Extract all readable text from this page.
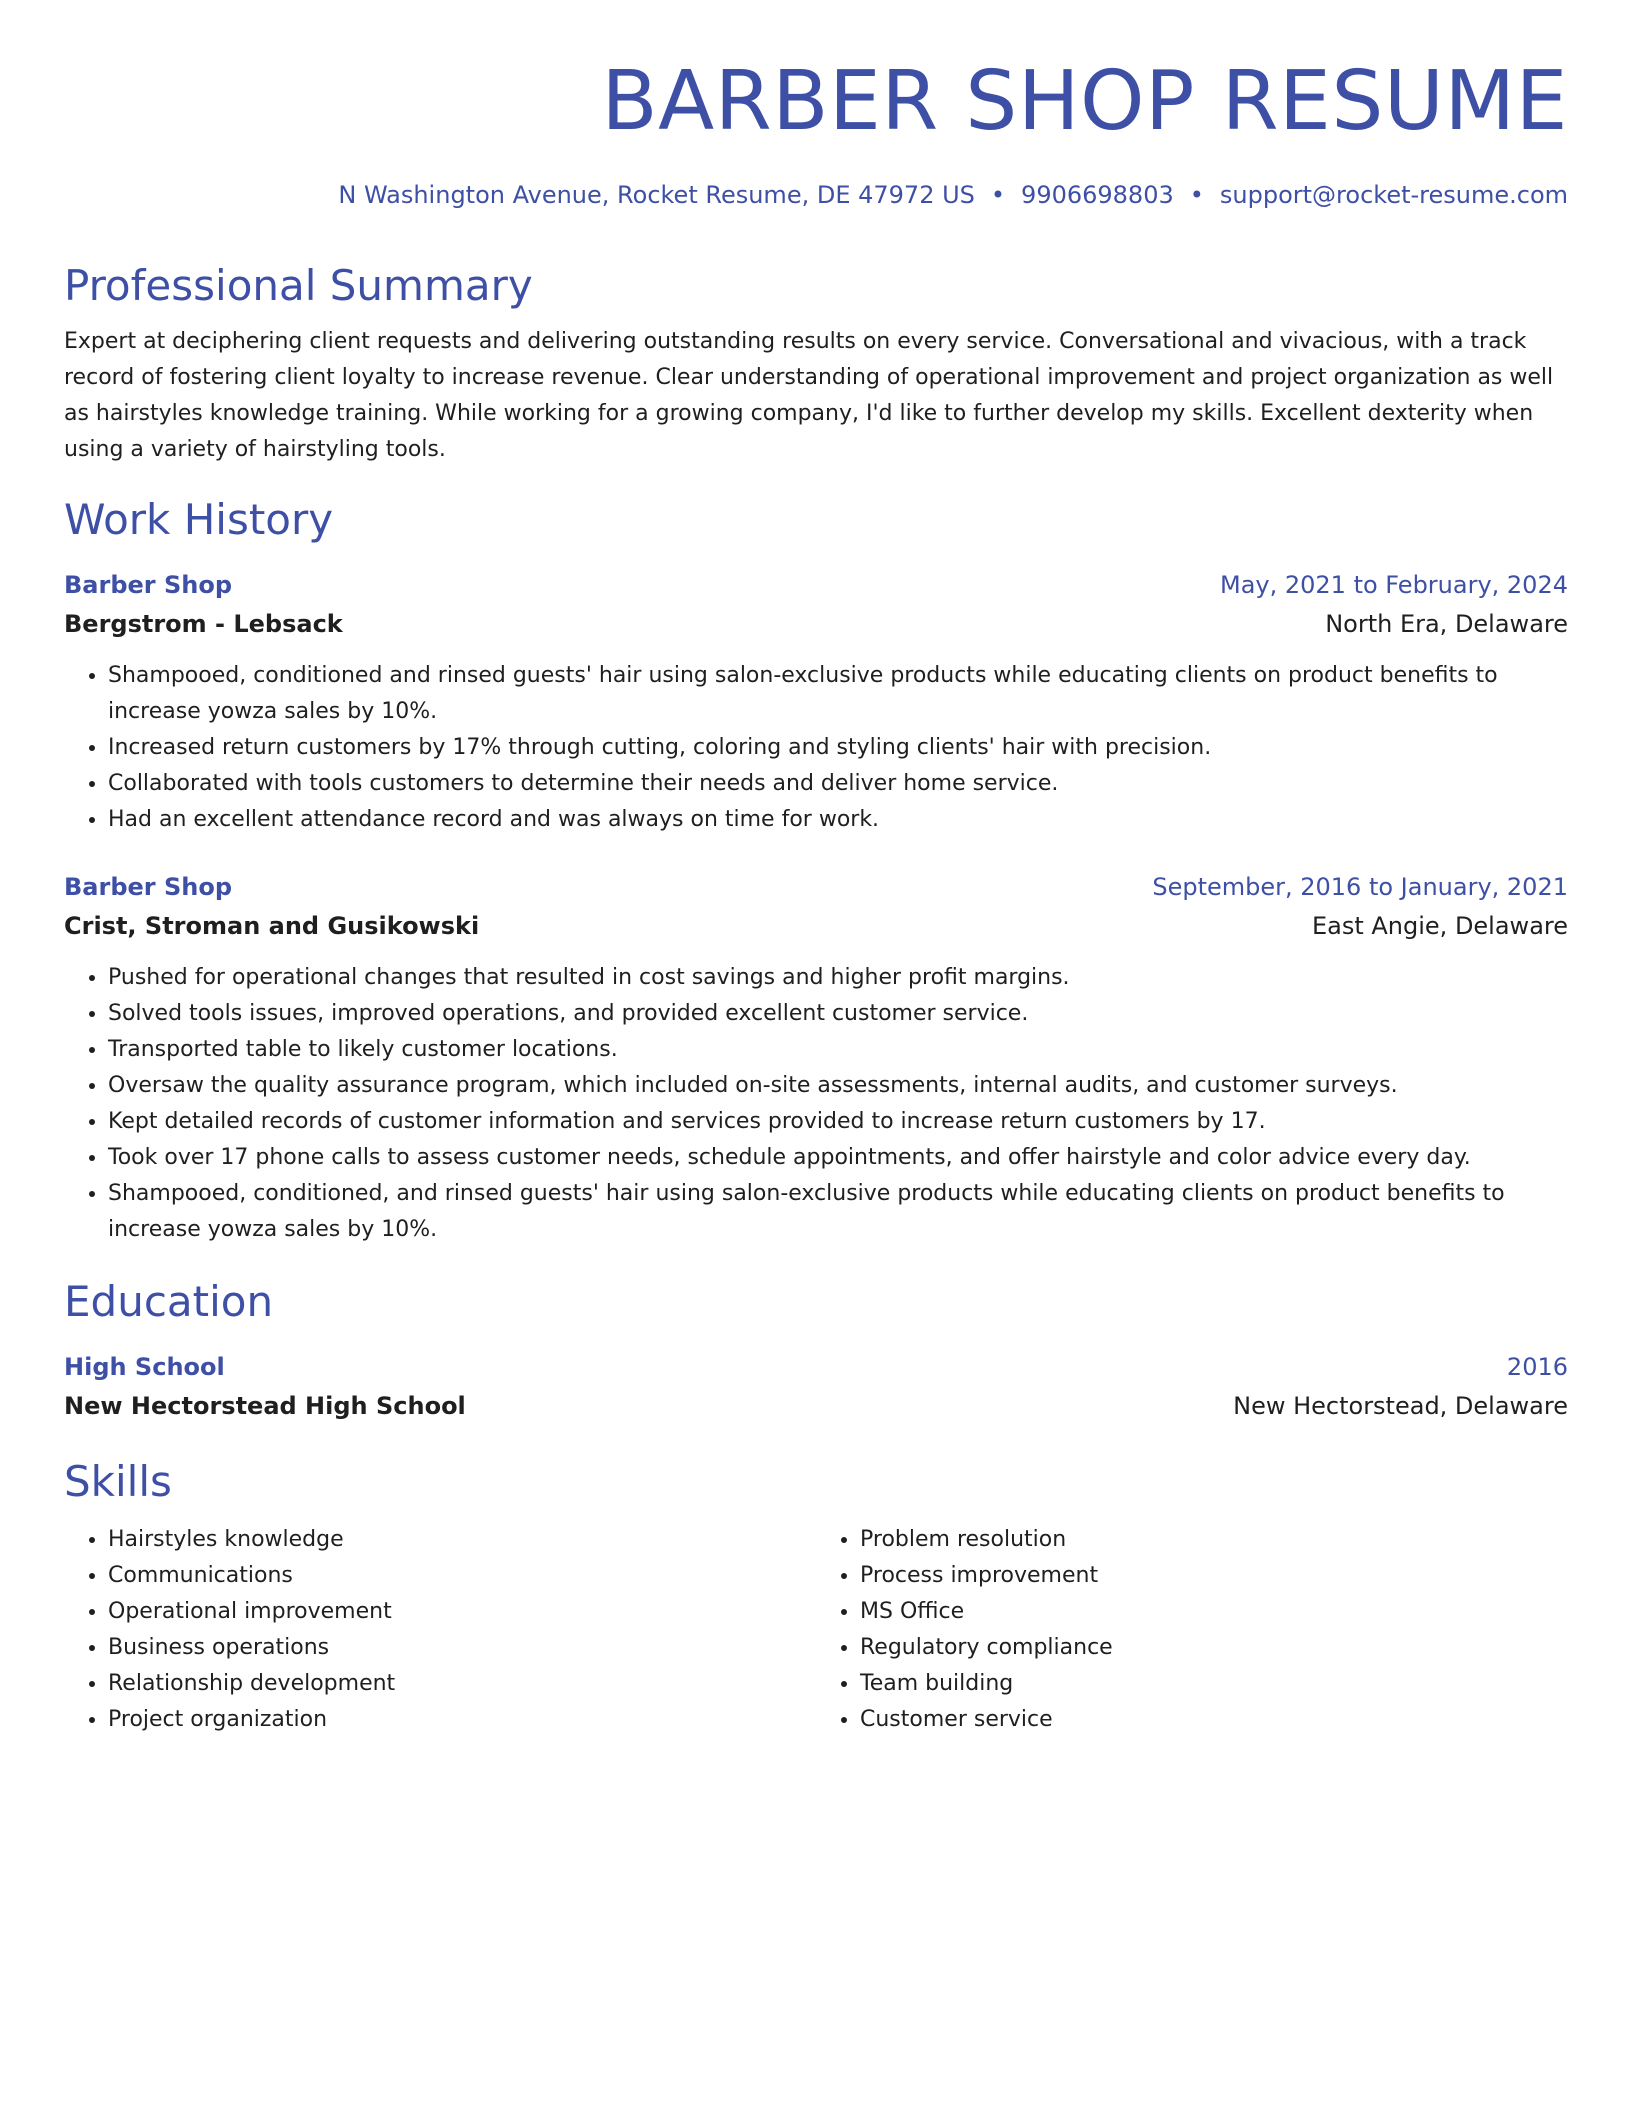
BARBER SHOP RESUME
N Washington Avenue, Rocket Resume, DE 47972 US • 9906698803 • support@rocket-resume.com
Professional Summary

Expert at deciphering client requests and delivering outstanding results on every service. Conversational and vivacious, with a track record of fostering client loyalty to increase revenue. Clear understanding of operational improvement and project organization as well as hairstyles knowledge training. While working for a growing company, I'd like to further develop my skills. Excellent dexterity when using a variety of hairstyling tools.

Work History
Barber Shop	May, 2021 to February, 2024
Bergstrom - Lebsack	North Era, Delaware
• Shampooed, conditioned and rinsed guests' hair using salon-exclusive products while educating clients on product benefits to increase yowza sales by 10%.
• Increased return customers by 17% through cutting, coloring and styling clients' hair with precision.
• Collaborated with tools customers to determine their needs and deliver home service.
• Had an excellent attendance record and was always on time for work.
Barber Shop	September, 2016 to January, 2021
Crist, Stroman and Gusikowski	East Angie, Delaware
• Pushed for operational changes that resulted in cost savings and higher profit margins.
• Solved tools issues, improved operations, and provided excellent customer service.
• Transported table to likely customer locations.
• Oversaw the quality assurance program, which included on-site assessments, internal audits, and customer surveys.
• Kept detailed records of customer information and services provided to increase return customers by 17.
• Took over 17 phone calls to assess customer needs, schedule appointments, and offer hairstyle and color advice every day.
• Shampooed, conditioned, and rinsed guests' hair using salon-exclusive products while educating clients on product benefits to increase yowza sales by 10%.
Education
High School	2016
New Hectorstead High School	New Hectorstead, Delaware
Skills
• Hairstyles knowledge
• Communications
• Operational improvement
• Business operations
• Relationship development
• Project organization
• Problem resolution
• Process improvement
• MS Office
• Regulatory compliance
• Team building
• Customer service
